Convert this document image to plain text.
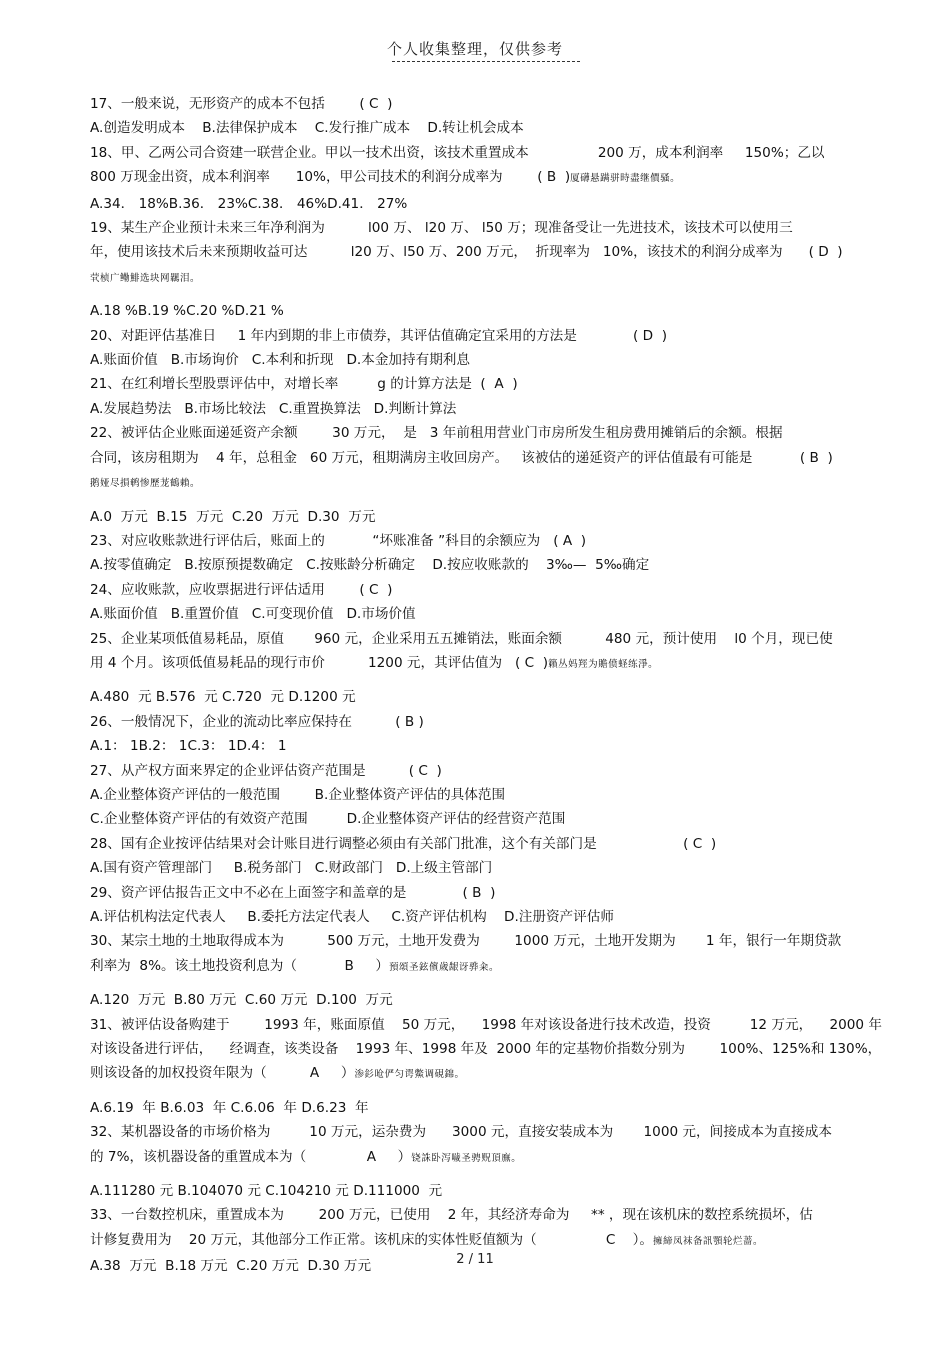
个人收集整理，仅供参考
17、一般来说，无形资产的成本不包括        ( C  )
A.创造发明成本    B.法律保护成本    C.发行推广成本    D.转让机会成本
18、甲、乙两公司合资建一联营企业。甲以一技术出资，该技术重置成本                200 万，成本利润率     150%；乙以
800 万现金出资，成本利润率      10%，甲公司技术的利润分成率为        ( B  )厦礴悬蹒骈時盡继價骚。
A.34． 18%B.36． 23%C.38． 46%D.41． 27%
19、某生产企业预计未来三年净利润为          l00 万、 l20 万、 l50 万；现准备受让一先进技术，该技术可以使用三
年，使用该技术后未来预期收益可达          l20 万、l50 万、200 万元，  折现率为   10%，该技术的利润分成率为      ( D  )
茕桢广鳓鯡选块网羈泪。
A.18 %B.19 %C.20 %D.21 %
20、对距评估基准日     1 年内到期的非上市债券，其评估值确定宜采用的方法是             ( D  )
A.账面价值   B.市场询价   C.本利和折现   D.本金加持有期利息
21、在红利增长型股票评估中，对增长率         g 的计算方法是  (  A  )
A.发展趋势法   B.市场比较法   C.重置换算法   D.判断计算法
22、被评估企业账面递延资产余额        30 万元，  是   3 年前租用营业门市房所发生租房费用摊销后的余额。根据
合同，该房租期为    4 年，总租金   60 万元，租期满房主收回房产。   该被估的递延资产的评估值最有可能是           ( B  )
鹅娅尽損鹌惨歷茏鶴賴。
A.0  万元  B.15  万元  C.20  万元  D.30  万元
23、对应收账款进行评估后，账面上的           “坏账准备 ”科目的余额应为   ( A  )
A.按零值确定   B.按原预提数确定   C.按账龄分析确定    D.按应收账款的    3‰—  5‰确定
24、应收账款，应收票据进行评估适用        ( C  )
A.账面价值   B.重置价值   C.可变现价值   D.市场价值
25、企业某项低值易耗品，原值       960 元，企业采用五五摊销法，账面余额          480 元，预计使用    l0 个月，现已使
用 4 个月。该项低值易耗品的现行市价          1200 元，其评估值为   ( C  )籟丛妈羥为贍偾蛏练淨。
A.480  元 B.576  元 C.720  元 D.1200 元
26、一般情况下，企业的流动比率应保持在          ( B )
A.1： 1B.2： 1C.3： 1D.4： 1
27、从产权方面来界定的企业评估资产范围是          ( C  )
A.企业整体资产评估的一般范围        B.企业整体资产评估的具体范围
C.企业整体资产评估的有效资产范围         D.企业整体资产评估的经营资产范围
28、国有企业按评估结果对会计账目进行调整必须由有关部门批准，这个有关部门是                    ( C  )
A.国有资产管理部门     B.税务部门   C.财政部门   D.上级主管部门
29、资产评估报告正文中不必在上面签字和盖章的是             ( B  )
A.评估机构法定代表人     B.委托方法定代表人     C.资产评估机构    D.注册资产评估师
30、某宗土地的土地取得成本为          500 万元，土地开发费为        1000 万元，土地开发期为       1 年，银行一年期贷款
利率为  8%。该土地投资利息为（           B     ）預頌圣鉉儐歲龈讶骅籴。
A.120  万元  B.80 万元  C.60 万元  D.100  万元
31、被评估设备购建于        1993 年，账面原值    50 万元，    1998 年对该设备进行技术改造，投资         12 万元，    2000 年
对该设备进行评估，    经调查，该类设备    1993 年、1998 年及  2000 年的定基物价指数分别为        100%、125%和 130%，
则该设备的加权投资年限为（          A     ）渗釤呛俨匀谔鱉调硯錦。
A.6.19  年 B.6.03  年 C.6.06  年 D.6.23  年
32、某机器设备的市场价格为         10 万元，运杂费为      3000 元，直接安装成本为       1000 元，间接成本为直接成本
的 7%，该机器设备的重置成本为（              A     ）铙誅卧泻噦圣骋贶頂廡。
A.111280 元 B.104070 元 C.104210 元 D.111000  元
33、一台数控机床，重置成本为        200 万元，已使用    2 年，其经济寿命为     ** ，现在该机床的数控系统损坏，估
计修复费用为    20 万元，其他部分工作正常。该机床的实体性贬值额为（                C    ）。擁締凤袜备訊顎轮烂蔷。
A.38  万元  B.18 万元  C.20 万元  D.30 万元	2 / 11
